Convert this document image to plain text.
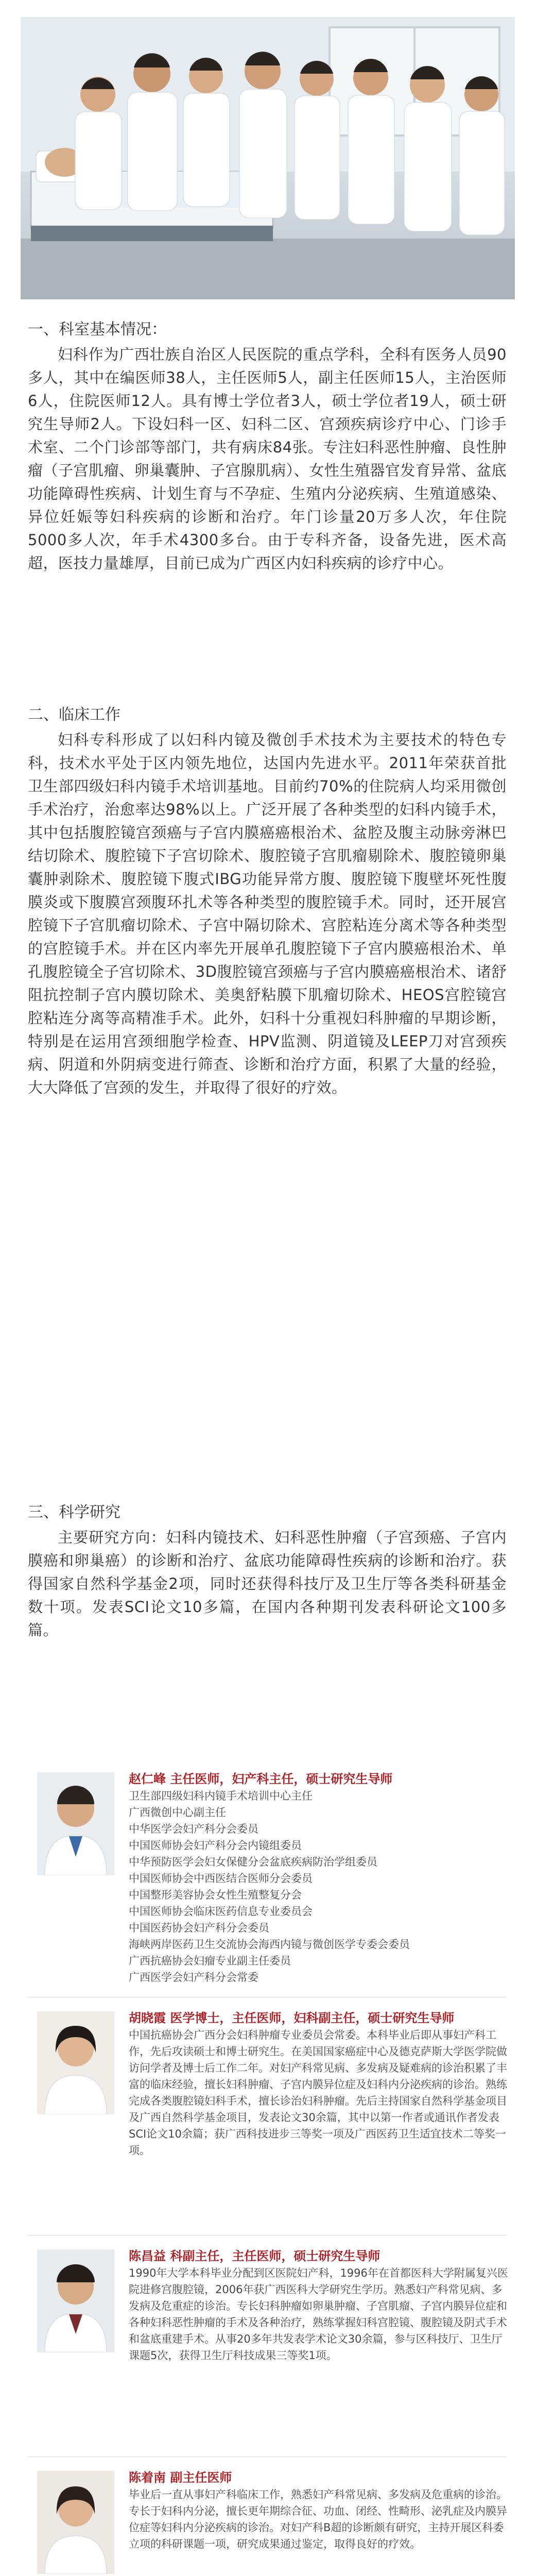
一、科室基本情况：
妇科作为广西壮族自治区人民医院的重点学科，全科有医务人员90多人，其中在编医师38人，主任医师5人，副主任医师15人，主治医师6人，住院医师12人。具有博士学位者3人，硕士学位者19人，硕士研究生导师2人。下设妇科一区、妇科二区、宫颈疾病诊疗中心、门诊手术室、二个门诊部等部门，共有病床84张。专注妇科恶性肿瘤、良性肿瘤（子宫肌瘤、卵巢囊肿、子宫腺肌病）、女性生殖器官发育异常、盆底功能障碍性疾病、计划生育与不孕症、生殖内分泌疾病、生殖道感染、异位妊娠等妇科疾病的诊断和治疗。年门诊量20万多人次，年住院5000多人次，年手术4300多台。由于专科齐备，设备先进，医术高超，医技力量雄厚，目前已成为广西区内妇科疾病的诊疗中心。
二、临床工作
妇科专科形成了以妇科内镜及微创手术技术为主要技术的特色专科，技术水平处于区内领先地位，达国内先进水平。2011年荣获首批卫生部四级妇科内镜手术培训基地。目前约70%的住院病人均采用微创手术治疗，治愈率达98%以上。广泛开展了各种类型的妇科内镜手术，其中包括腹腔镜宫颈癌与子宫内膜癌癌根治术、盆腔及腹主动脉旁淋巴结切除术、腹腔镜下子宫切除术、腹腔镜子宫肌瘤剔除术、腹腔镜卵巢囊肿剥除术、腹腔镜下腹式IBG功能异常方腹、腹腔镜下腹壁坏死性腹膜炎或下腹膜宫颈腹环扎术等各种类型的腹腔镜手术。同时，还开展宫腔镜下子宫肌瘤切除术、子宫中隔切除术、宫腔粘连分离术等各种类型的宫腔镜手术。并在区内率先开展单孔腹腔镜下子宫内膜癌根治术、单孔腹腔镜全子宫切除术、3D腹腔镜宫颈癌与子宫内膜癌癌根治术、诸舒阻抗控制子宫内膜切除术、美奥舒粘膜下肌瘤切除术、HEOS宫腔镜宫腔粘连分离等高精准手术。此外，妇科十分重视妇科肿瘤的早期诊断，特别是在运用宫颈细胞学检查、HPV监测、阴道镜及LEEP刀对宫颈疾病、阴道和外阴病变进行筛查、诊断和治疗方面，积累了大量的经验，大大降低了宫颈的发生，并取得了很好的疗效。
三、科学研究
主要研究方向：妇科内镜技术、妇科恶性肿瘤（子宫颈癌、子宫内膜癌和卵巢癌）的诊断和治疗、盆底功能障碍性疾病的诊断和治疗。获得国家自然科学基金2项，同时还获得科技厅及卫生厅等各类科研基金数十项。发表SCI论文10多篇，在国内各种期刊发表科研论文100多篇。
赵仁峰 主任医师，妇产科主任，硕士研究生导师
卫生部四级妇科内镜手术培训中心主任
广西微创中心副主任
中华医学会妇产科分会委员
中国医师协会妇产科分会内镜组委员
中华预防医学会妇女保健分会盆底疾病防治学组委员
中国医师协会中西医结合医师分会委员
中国整形美容协会女性生殖整复分会
中国医师协会临床医药信息专业委员会
中国医药协会妇产科分会委员
海峡两岸医药卫生交流协会海西内镜与微创医学专委会委员
广西抗癌协会妇瘤专业副主任委员
广西医学会妇产科分会常委
胡晓霞 医学博士，主任医师，妇科副主任，硕士研究生导师
中国抗癌协会广西分会妇科肿瘤专业委员会常委。本科毕业后即从事妇产科工作，先后攻读硕士和博士研究生。在美国国家癌症中心及德克萨斯大学医学院做访问学者及博士后工作二年。对妇产科常见病、多发病及疑难病的诊治积累了丰富的临床经验，擅长妇科肿瘤、子宫内膜异位症及妇科内分泌疾病的诊治。熟练完成各类腹腔镜妇科手术，擅长诊治妇科肿瘤。先后主持国家自然科学基金项目及广西自然科学基金项目，发表论文30余篇，其中以第一作者或通讯作者发表SCI论文10余篇；获广西科技进步三等奖一项及广西医药卫生适宜技术二等奖一项。
陈昌益 科副主任，主任医师，硕士研究生导师
1990年大学本科毕业分配到区医院妇产科，1996年在首都医科大学附属复兴医院进修宫腹腔镜，2006年获广西医科大学研究生学历。熟悉妇产科常见病、多发病及危重症的诊治。专长妇科肿瘤如卵巢肿瘤、子宫肌瘤、子宫内膜异位症和各种妇科恶性肿瘤的手术及各种治疗，熟练掌握妇科宫腔镜、腹腔镜及阴式手术和盆底重建手术。从事20多年共发表学术论文30余篇，参与区科技厅、卫生厅课题5次，获得卫生厅科技成果三等奖1项。
陈着南 副主任医师
毕业后一直从事妇产科临床工作，熟悉妇产科常见病、多发病及危重病的诊治。专长于妇科内分泌，擅长更年期综合征、功血、闭经、性畸形、泌乳症及内膜异位症等妇科内分泌疾病的诊治。对妇产科B超的诊断颇有研究，主持开展区科委立项的科研课题一项，研究成果通过鉴定，取得良好的疗效。
